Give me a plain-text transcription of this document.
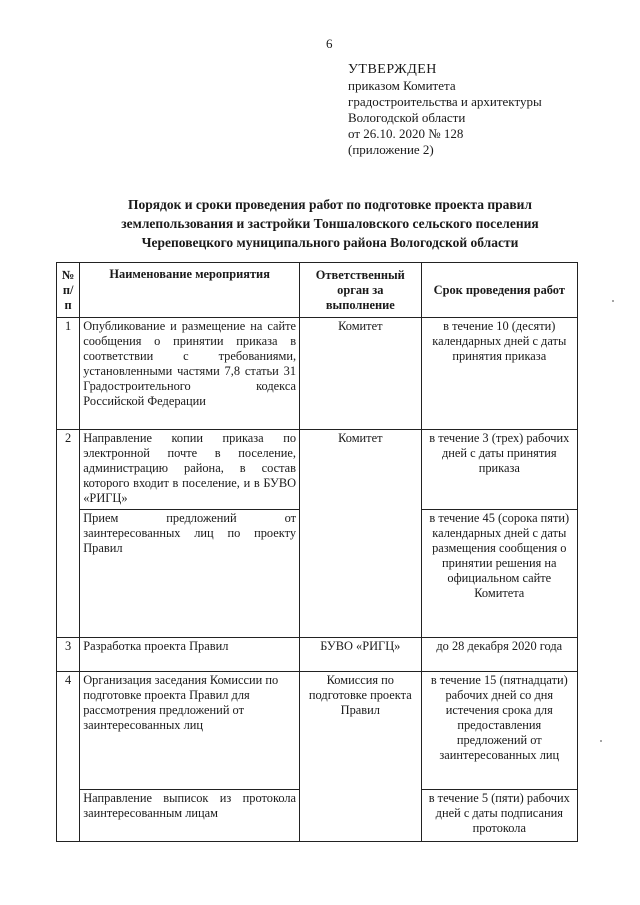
6
УТВЕРЖДЕН
приказом Комитета
градостроительства и архитектуры
Вологодской области
от 26.10. 2020 № 128
(приложение 2)
Порядок и сроки проведения работ по подготовке проекта правил
землепользования и застройки Тоншаловского сельского поселения
Череповецкого муниципального района Вологодской области
№ п/п	Наименование мероприятия	Ответственный орган за выполнение	Срок проведения работ
1	Опубликование и размещение на сайте сообщения о принятии приказа в соответствии с требованиями, установленными частями 7,8 статьи 31 Градостроительного кодекса Российской Федерации	Комитет	в течение 10 (десяти) календарных дней с даты принятия приказа
2	Направление копии приказа по электронной почте в поселение, администрацию района, в состав которого входит в поселение, и в БУВО «РИГЦ»	Комитет	в течение 3 (трех) рабочих дней с даты принятия приказа
	Прием предложений от заинтересованных лиц по проекту Правил		в течение 45 (сорока пяти) календарных дней с даты размещения сообщения о принятии решения на официальном сайте Комитета
3	Разработка проекта Правил	БУВО «РИГЦ»	до 28 декабря 2020 года
4	Организация заседания Комиссии по подготовке проекта Правил для рассмотрения предложений от заинтересованных лиц	Комиссия по подготовке проекта Правил	в течение 15 (пятнадцати) рабочих дней со дня истечения срока для предоставления предложений от заинтересованных лиц
	Направление выписок из протокола заинтересованным лицам		в течение 5 (пяти) рабочих дней с даты подписания протокола
